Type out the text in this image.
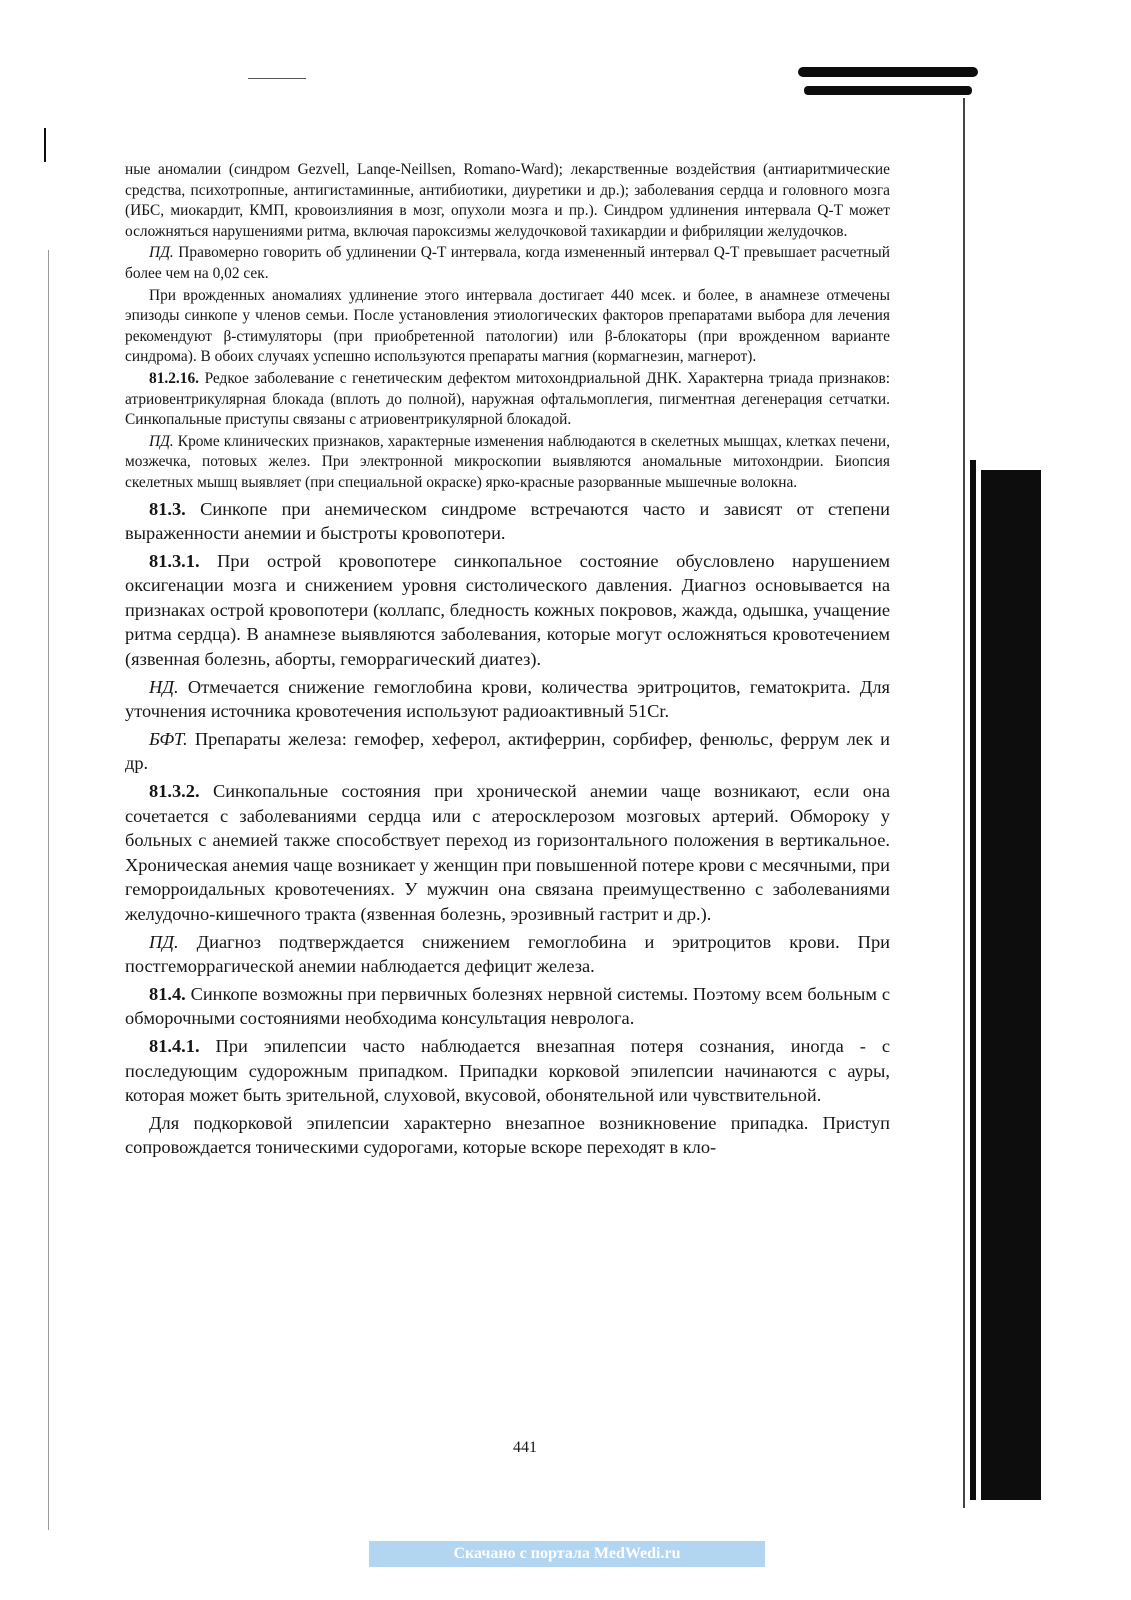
ные аномалии (синдром Gezvell, Lanqe-Neillsen, Romano-Ward); лекарственные воздействия (антиаритмические средства, психотропные, антигистаминные, антибиотики, диуретики и др.); заболевания сердца и головного мозга (ИБС, миокардит, КМП, кровоизлияния в мозг, опухоли мозга и пр.). Синдром удлинения интервала Q-T может осложняться нарушениями ритма, включая пароксизмы желудочковой тахикардии и фибриляции желудочков.

ПД. Правомерно говорить об удлинении Q-T интервала, когда измененный интервал Q-T превышает расчетный более чем на 0,02 сек.

При врожденных аномалиях удлинение этого интервала достигает 440 мсек. и более, в анамнезе отмечены эпизоды синкопе у членов семьи. После установления этиологических факторов препаратами выбора для лечения рекомендуют β-стимуляторы (при приобретенной патологии) или β-блокаторы (при врожденном варианте синдрома). В обоих случаях успешно используются препараты магния (кормагнезин, магнерот).

81.2.16. Редкое заболевание с генетическим дефектом митохондриальной ДНК. Характерна триада признаков: атриовентрикулярная блокада (вплоть до полной), наружная офтальмоплегия, пигментная дегенерация сетчатки. Синкопальные приступы связаны с атриовентрикулярной блокадой.

ПД. Кроме клинических признаков, характерные изменения наблюдаются в скелетных мышцах, клетках печени, мозжечка, потовых желез. При электронной микроскопии выявляются аномальные митохондрии. Биопсия скелетных мышц выявляет (при специальной окраске) ярко-красные разорванные мышечные волокна.

81.3. Синкопе при анемическом синдроме встречаются часто и зависят от степени выраженности анемии и быстроты кровопотери.

81.3.1. При острой кровопотере синкопальное состояние обусловлено нарушением оксигенации мозга и снижением уровня систолического давления. Диагноз основывается на признаках острой кровопотери (коллапс, бледность кожных покровов, жажда, одышка, учащение ритма сердца). В анамнезе выявляются заболевания, которые могут осложняться кровотечением (язвенная болезнь, аборты, геморрагический диатез).

НД. Отмечается снижение гемоглобина крови, количества эритроцитов, гематокрита. Для уточнения источника кровотечения используют радиоактивный 51Cr.

БФТ. Препараты железа: гемофер, хеферол, актиферрин, сорбифер, фенюльс, феррум лек и др.

81.3.2. Синкопальные состояния при хронической анемии чаще возникают, если она сочетается с заболеваниями сердца или с атеросклерозом мозговых артерий. Обмороку у больных с анемией также способствует переход из горизонтального положения в вертикальное. Хроническая анемия чаще возникает у женщин при повышенной потере крови с месячными, при геморроидальных кровотечениях. У мужчин она связана преимущественно с заболеваниями желудочно-кишечного тракта (язвенная болезнь, эрозивный гастрит и др.).

ПД. Диагноз подтверждается снижением гемоглобина и эритроцитов крови. При постгеморрагической анемии наблюдается дефицит железа.

81.4. Синкопе возможны при первичных болезнях нервной системы. Поэтому всем больным с обморочными состояниями необходима консультация невролога.

81.4.1. При эпилепсии часто наблюдается внезапная потеря сознания, иногда - с последующим судорожным припадком. Припадки корковой эпилепсии начинаются с ауры, которая может быть зрительной, слуховой, вкусовой, обонятельной или чувствительной.

Для подкорковой эпилепсии характерно внезапное возникновение припадка. Приступ сопровождается тоническими судорогами, которые вскоре переходят в кло-

441
Скачано с портала MedWedi.ru
